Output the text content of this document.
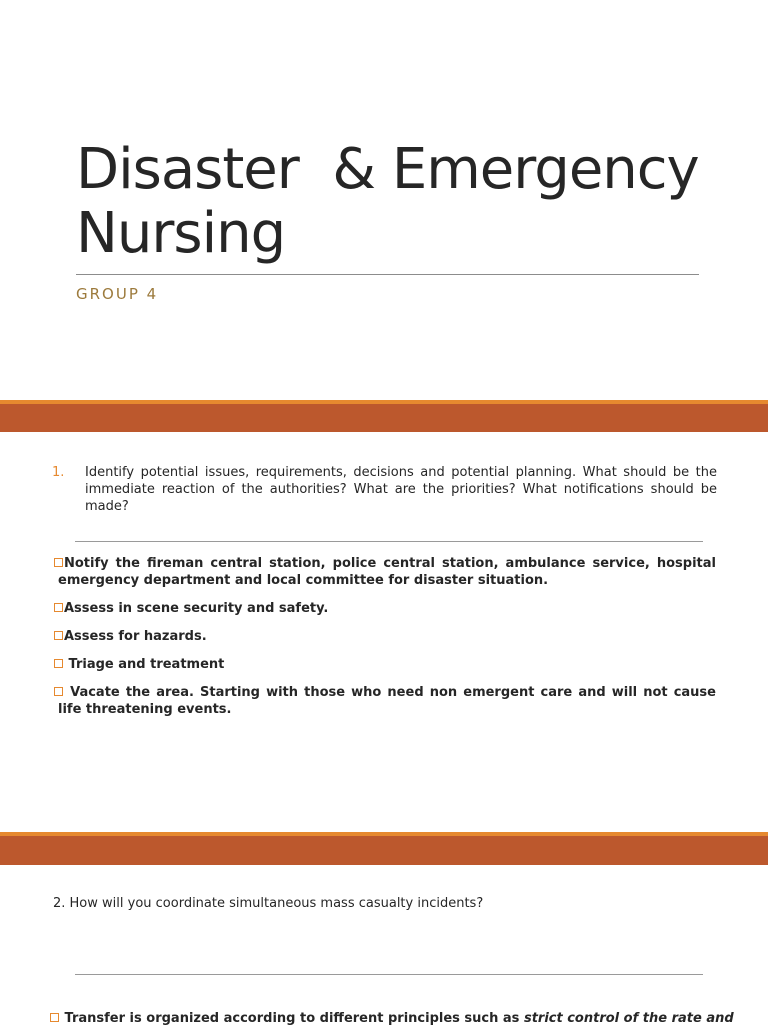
Disaster  & Emergency
Nursing
GROUP 4
1. Identify potential issues, requirements, decisions and potential planning. What should be the immediate reaction of the authorities? What are the priorities? What notifications should be made?
Notify the fireman central station, police central station, ambulance service, hospital emergency department and local committee for disaster situation.
Assess in scene security and safety.
Assess for hazards.
Triage and treatment
Vacate the area. Starting with those who need non emergent care and will not cause life threatening events.
2. How will you coordinate simultaneous mass casualty incidents?
Transfer is organized according to different principles such as strict control of the rate and
